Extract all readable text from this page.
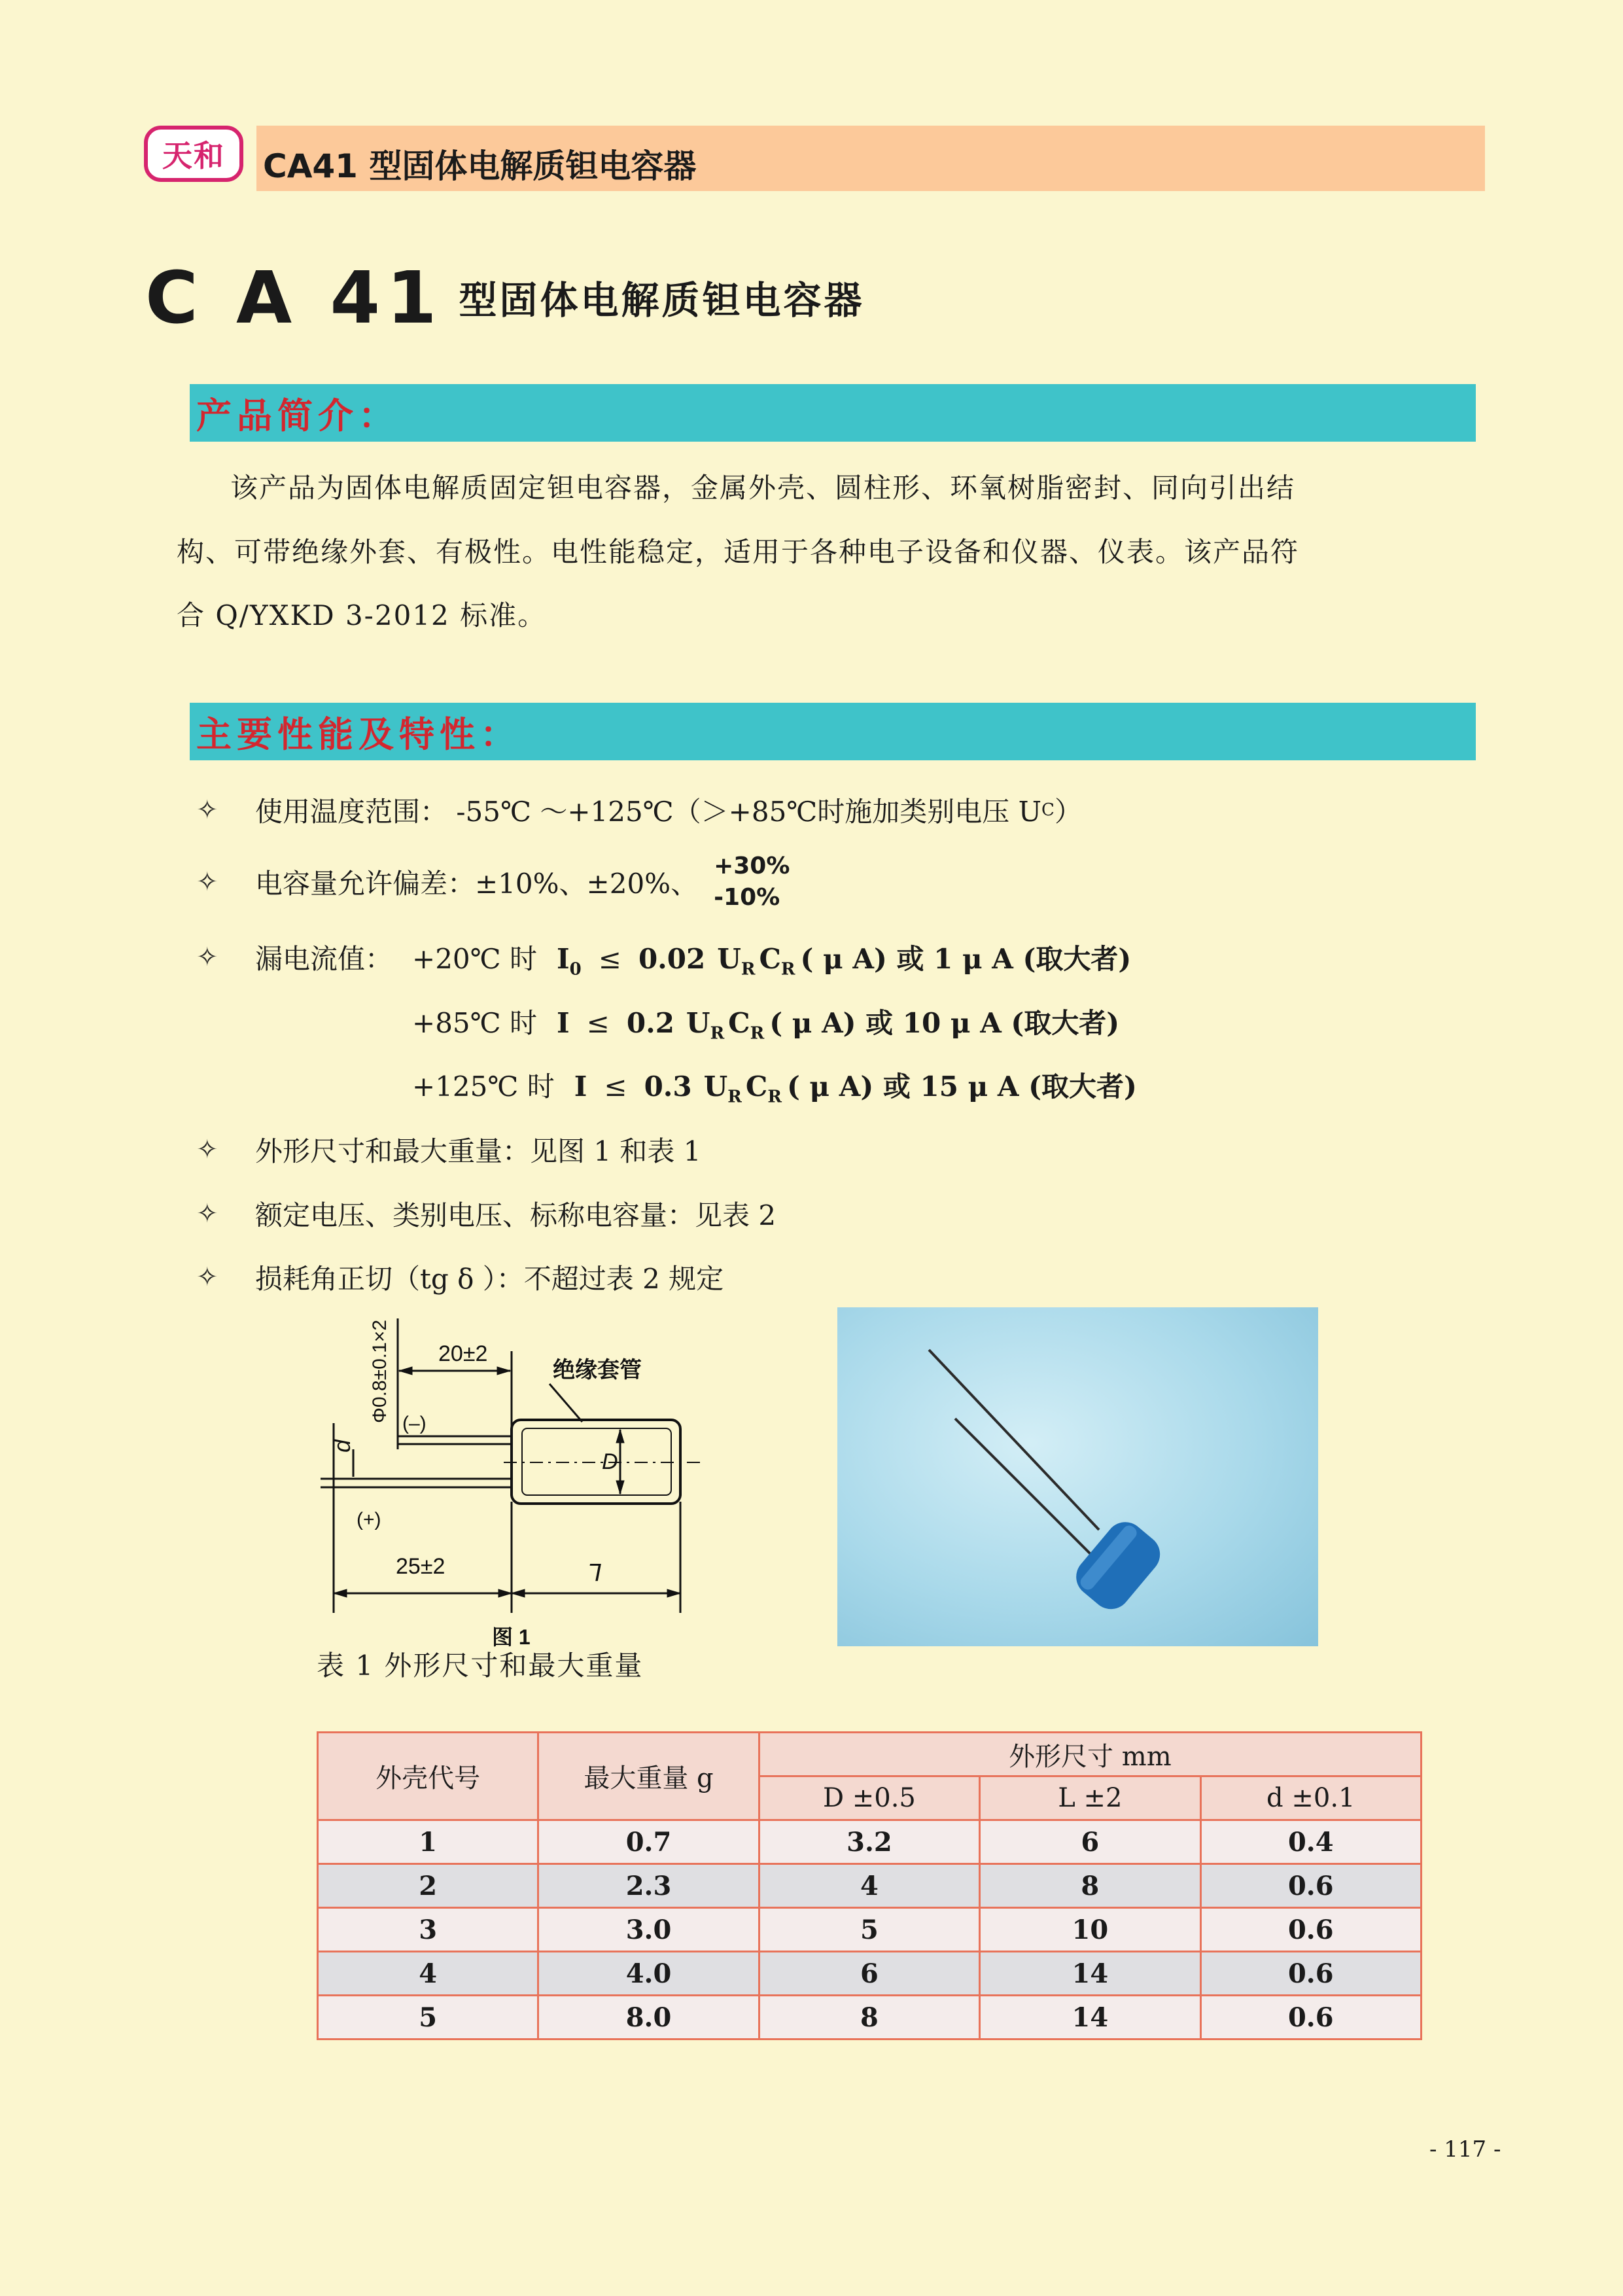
天和 CA41 型固体电解质钽电容器
C A 41 型固体电解质钽电容器
产品简介：
该产品为固体电解质固定钽电容器，金属外壳、圆柱形、环氧树脂密封、同向引出结
构、可带绝缘外套、有极性。电性能稳定，适用于各种电子设备和仪器、仪表。该产品符
合 Q/YXKD 3-2012 标准。
主要性能及特性：
✧	使用温度范围： -55℃ ～+125℃（＞+85℃时施加类别电压 U C ）
✧	电容量允许偏差：±10%、±20%、
+30%
-10%
✧	漏电流值： +20℃ 时 $I_0 \le 0.02$ $U_R$ $C_R$ ( μ A) 或 1 μ A (取大者)
+85℃ 时 I ≤ 0.2 $U_R$ $C_R$ ( μ A) 或 10 μ A (取大者)
+125℃ 时 I ≤ 0.3 $U_R$ $C_R$ ( μ A) 或 15 μ A (取大者)
✧	外形尺寸和最大重量：见图 1 和表 1
✧	额定电压、类别电压、标称电容量：见表 2
✧	损耗角正切（tg δ ）：不超过表 2 规定
Φ0.8±0.1×2
(–)
20±2
绝缘套管
D
d
(+)
25±2	L
图 1
表 1 外形尺寸和最大重量
外壳代号	最大重量 g	外形尺寸 mm		
		D ±0.5	L ±2	d ±0.1
1	0.7	3.2	6	0.4
2	2.3	4	8	0.6
3	3.0	5	10	0.6
4	4.0	6	14	0.6
5	8.0	8	14	0.6
- 117 -
